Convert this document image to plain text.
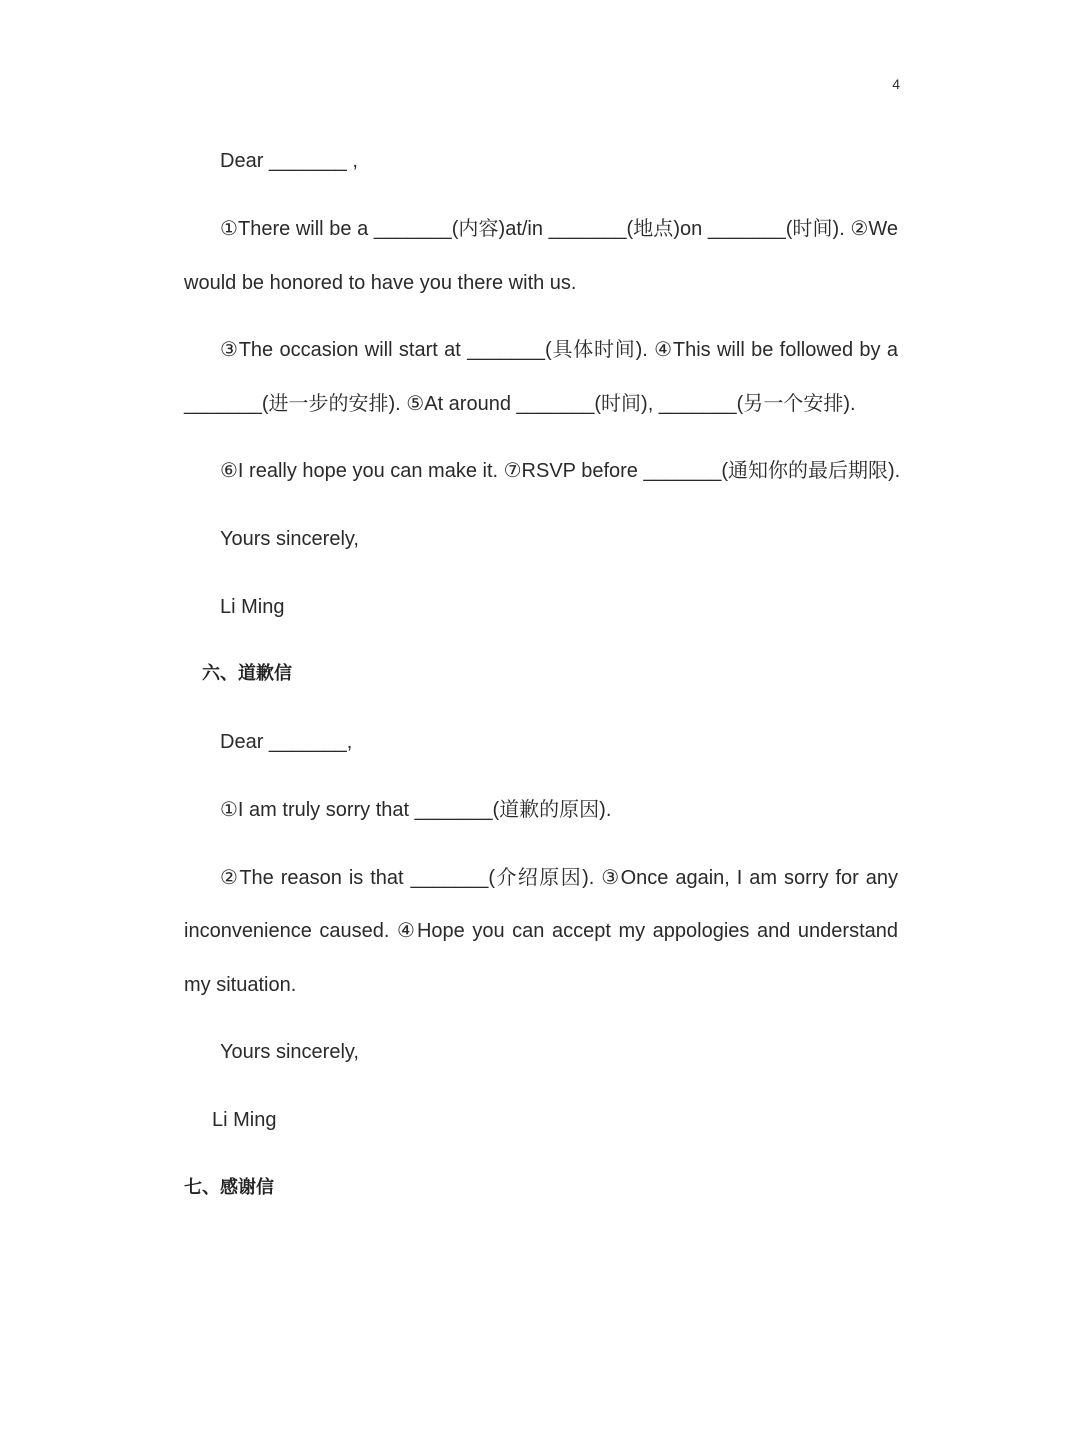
4
Dear _______ ,
①There will be a _______(内容)at/in _______(地点)on _______(时间). ②We
would be honored to have you there with us.
③The occasion will start at _______(具体时间). ④This will be followed by a
_______(进一步的安排). ⑤At around _______(时间), _______(另一个安排).
⑥I really hope you can make it. ⑦RSVP before _______(通知你的最后期限).
Yours sincerely,
Li Ming
六、道歉信
Dear _______,
①I am truly sorry that _______(道歉的原因).
②The reason is that _______(介绍原因). ③Once again, I am sorry for any
inconvenience caused. ④Hope you can accept my appologies and understand
my situation.
Yours sincerely,
Li Ming
七、感谢信
